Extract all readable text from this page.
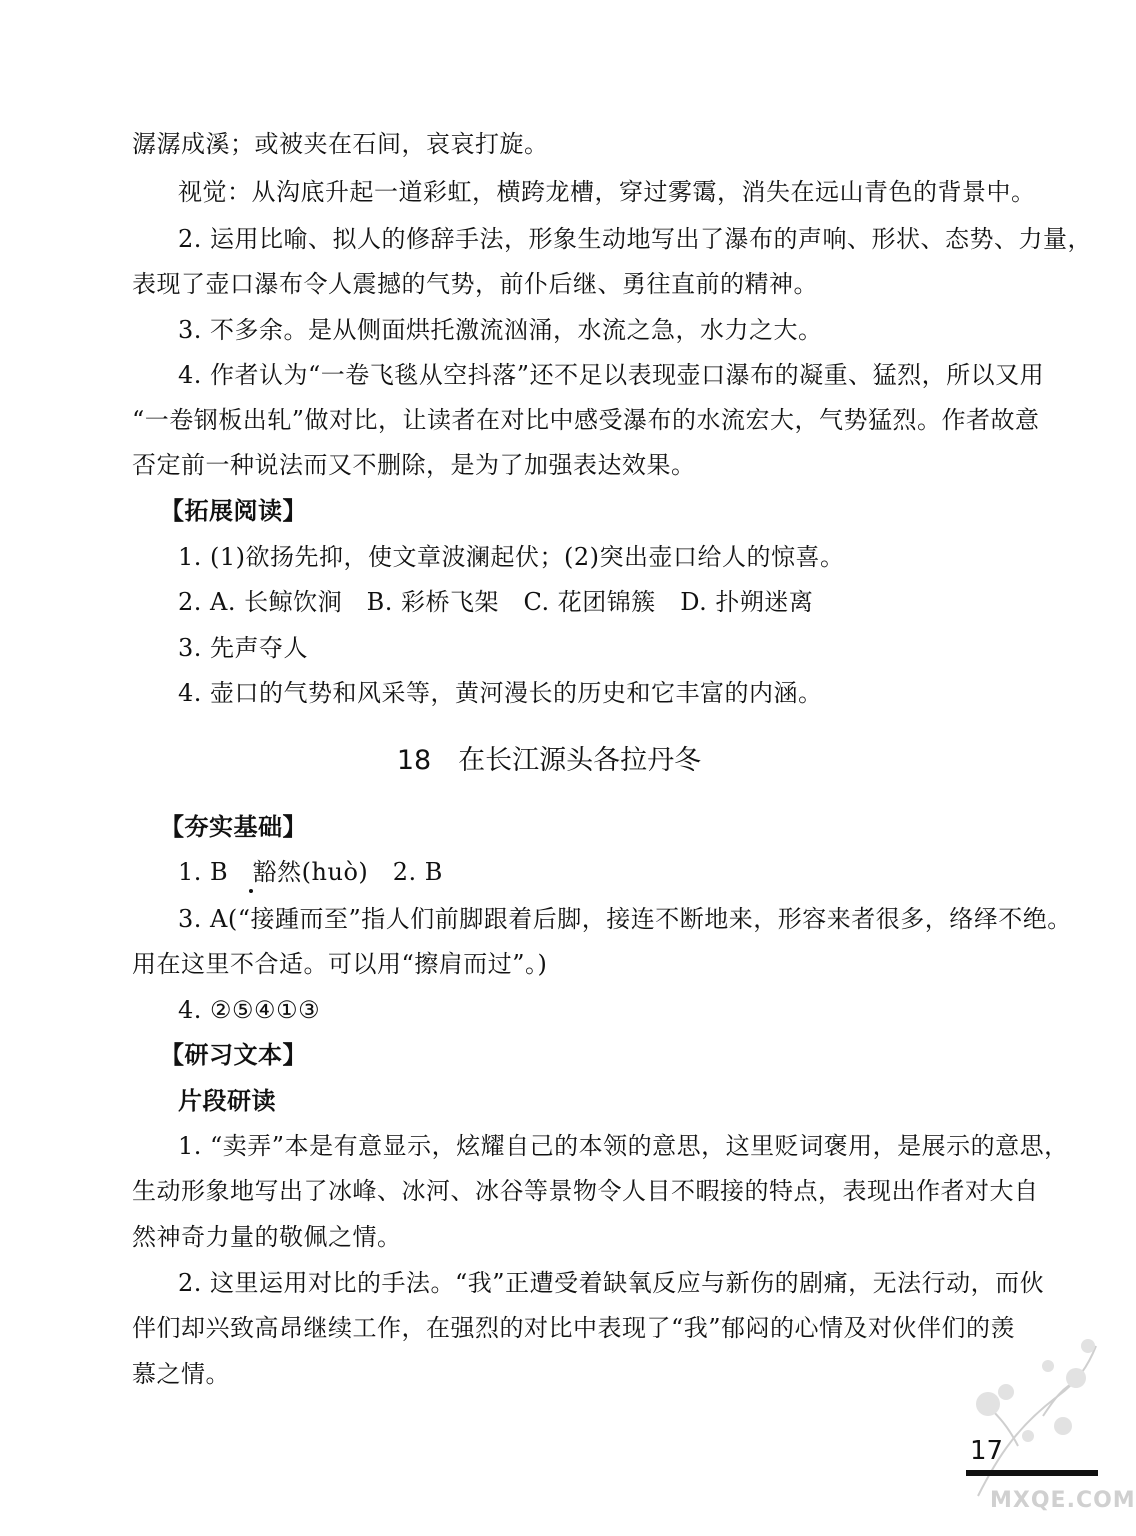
潺潺成溪；或被夹在石间，哀哀打旋。
视觉：从沟底升起一道彩虹，横跨龙槽，穿过雾霭，消失在远山青色的背景中。
2. 运用比喻、拟人的修辞手法，形象生动地写出了瀑布的声响、形状、态势、力量，
表现了壶口瀑布令人震撼的气势，前仆后继、勇往直前的精神。
3. 不多余。是从侧面烘托激流汹涌，水流之急，水力之大。
4. 作者认为“一卷飞毯从空抖落”还不足以表现壶口瀑布的凝重、猛烈，所以又用
“一卷钢板出轧”做对比，让读者在对比中感受瀑布的水流宏大，气势猛烈。作者故意
否定前一种说法而又不删除，是为了加强表达效果。
【拓展阅读】
1. (1)欲扬先抑，使文章波澜起伏；(2)突出壶口给人的惊喜。
2. A. 长鲸饮涧　B. 彩桥飞架　C. 花团锦簇　D. 扑朔迷离
3. 先声夺人
4. 壶口的气势和风采等，黄河漫长的历史和它丰富的内涵。
18　在长江源头各拉丹冬
【夯实基础】
1. B　豁然(huò)　2. B
3. A(“接踵而至”指人们前脚跟着后脚，接连不断地来，形容来者很多，络绎不绝。
用在这里不合适。可以用“擦肩而过”。)
4. ②⑤④①③
【研习文本】
片段研读
1. “卖弄”本是有意显示，炫耀自己的本领的意思，这里贬词褒用，是展示的意思，
生动形象地写出了冰峰、冰河、冰谷等景物令人目不暇接的特点，表现出作者对大自
然神奇力量的敬佩之情。
2. 这里运用对比的手法。“我”正遭受着缺氧反应与新伤的剧痛，无法行动，而伙
伴们却兴致高昂继续工作，在强烈的对比中表现了“我”郁闷的心情及对伙伴们的羡
慕之情。
17
MXQE.COM
